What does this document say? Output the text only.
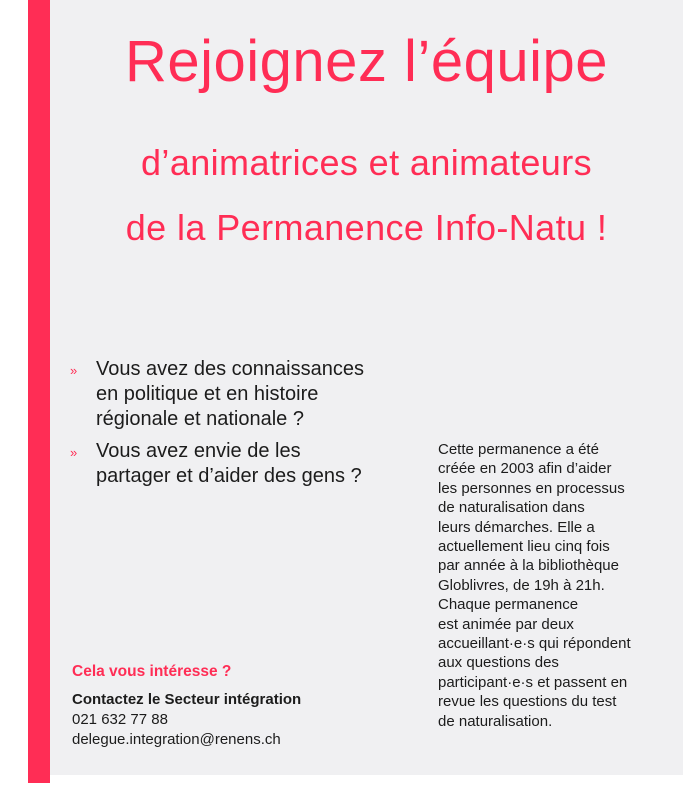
Rejoignez l’équipe
d’animatrices et animateurs
de la Permanence Info-Natu !
» Vous avez des connaissances
en politique et en histoire
régionale et nationale ?
» Vous avez envie de les
partager et d’aider des gens ?
Cette permanence a été
créée en 2003 afin d’aider
les personnes en processus
de naturalisation dans
leurs démarches. Elle a
actuellement lieu cinq fois
par année à la bibliothèque
Globlivres, de 19h à 21h.
Chaque permanence
est animée par deux
accueillant·e·s qui répondent
aux questions des
participant·e·s et passent en
revue les questions du test
de naturalisation.
Cela vous intéresse ?
Contactez le Secteur intégration
021 632 77 88
delegue.integration@renens.ch
